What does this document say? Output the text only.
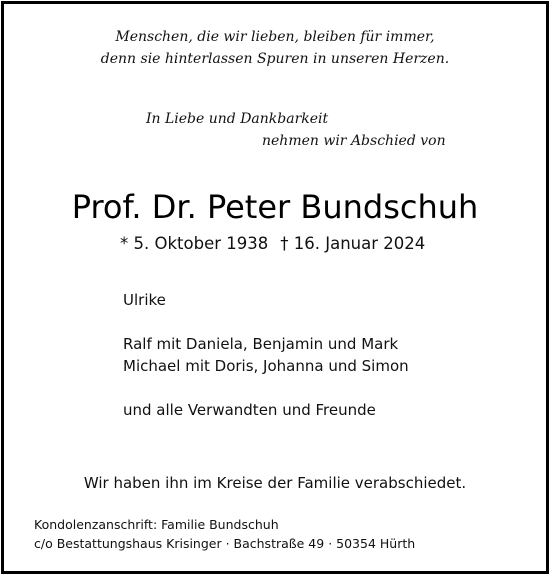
Menschen, die wir lieben, bleiben für immer,
denn sie hinterlassen Spuren in unseren Herzen.

In Liebe und Dankbarkeit

nehmen wir Abschied von

Prof. Dr. Peter Bundschuh

* 5. Oktober 1938 † 16. Januar 2024

Ulrike

Ralf mit Daniela, Benjamin und Mark

Michael mit Doris, Johanna und Simon

und alle Verwandten und Freunde

Wir haben ihn im Kreise der Familie verabschiedet.

Kondolenzanschrift: Familie Bundschuh

c/o Bestattungshaus Krisinger · Bachstraße 49 · 50354 Hürth
